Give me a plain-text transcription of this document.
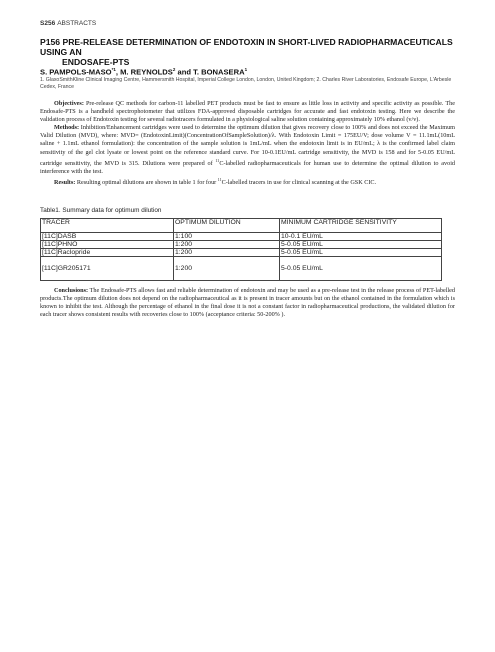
S256 ABSTRACTS
P156 PRE-RELEASE DETERMINATION OF ENDOTOXIN IN SHORT-LIVED RADIOPHARMACEUTICALS USING AN
ENDOSAFE-PTS
S. PAMPOLS-MASO$^{*1}$, M. REYNOLDS$^2$ and T. BONASERA$^1$
1. GlaxoSmithKline Clinical Imaging Centre, Hammersmith Hospital, Imperial College London, London, United Kingdom; 2. Charles River Laboratories, Endosafe Europe, L'Arbesle Cedex, France

Objectives: Pre-release QC methods for carbon-11 labelled PET products must be fast to ensure as little loss in activity and specific activity as possible. The Endosafe-PTS is a handheld spectrophotometer that utilizes FDA-approved disposable cartridges for accurate and fast endotoxin testing. Here we describe the validation process of Endotoxin testing for several radiotracers formulated in a physiological saline solution containing approximately 10% ethanol (v/v).

Methods: Inhibition/Enhancement cartridges were used to determine the optimum dilution that gives recovery close to 100% and does not exceed the Maximum Valid Dilution (MVD), where: MVD= (EndotoxinLimit)(ConcentrationOfSampleSolution)/λ. With Endotoxin Limit = 175EU/V; dose volume V = 11.1mL(10mL saline + 1.1mL ethanol formulation): the concentration of the sample solution is 1mL/mL when the endotoxin limit is in EU/mL; λ is the confirmed label claim sensitivity of the gel clot lysate or lowest point on the reference standard curve. For 10-0.1EU/mL cartridge sensitivity, the MVD is 158 and for 5-0.05 EU/mL cartridge sensitivity, the MVD is 315. Dilutions were prepared of $^{11}$C-labelled radiopharmaceuticals for human use to determine the optimal dilution to avoid interference with the test.

Results: Resulting optimal dilutions are shown in table 1 for four $^{11}$C-labelled tracers in use for clinical scanning at the GSK CIC.

Table1. Summary data for optimum dilution
TRACER	OPTIMUM DILUTION	MINIMUM CARTRIDGE SENSITIVITY
[11C]DASB	1:100	10-0.1 EU/mL
[11C]PHNO	1:200	5-0.05 EU/mL
[11C]Raclopride	1:200	5-0.05 EU/mL
[11C]GR205171	1:200	5-0.05 EU/mL
Conclusions: The Endosafe-PTS allows fast and reliable determination of endotoxin and may be used as a pre-release test in the release process of PET-labelled products.The optimum dilution does not depend on the radiopharmaceutical as it is present in tracer amounts but on the ethanol contained in the formulation which is known to inhibit the test. Although the percentage of ethanol in the final dose it is not a constant factor in radiopharmaceutical productions, the validated dilution for each tracer shows consistent results with recoveries close to 100% (acceptance criteria: 50-200% ).
